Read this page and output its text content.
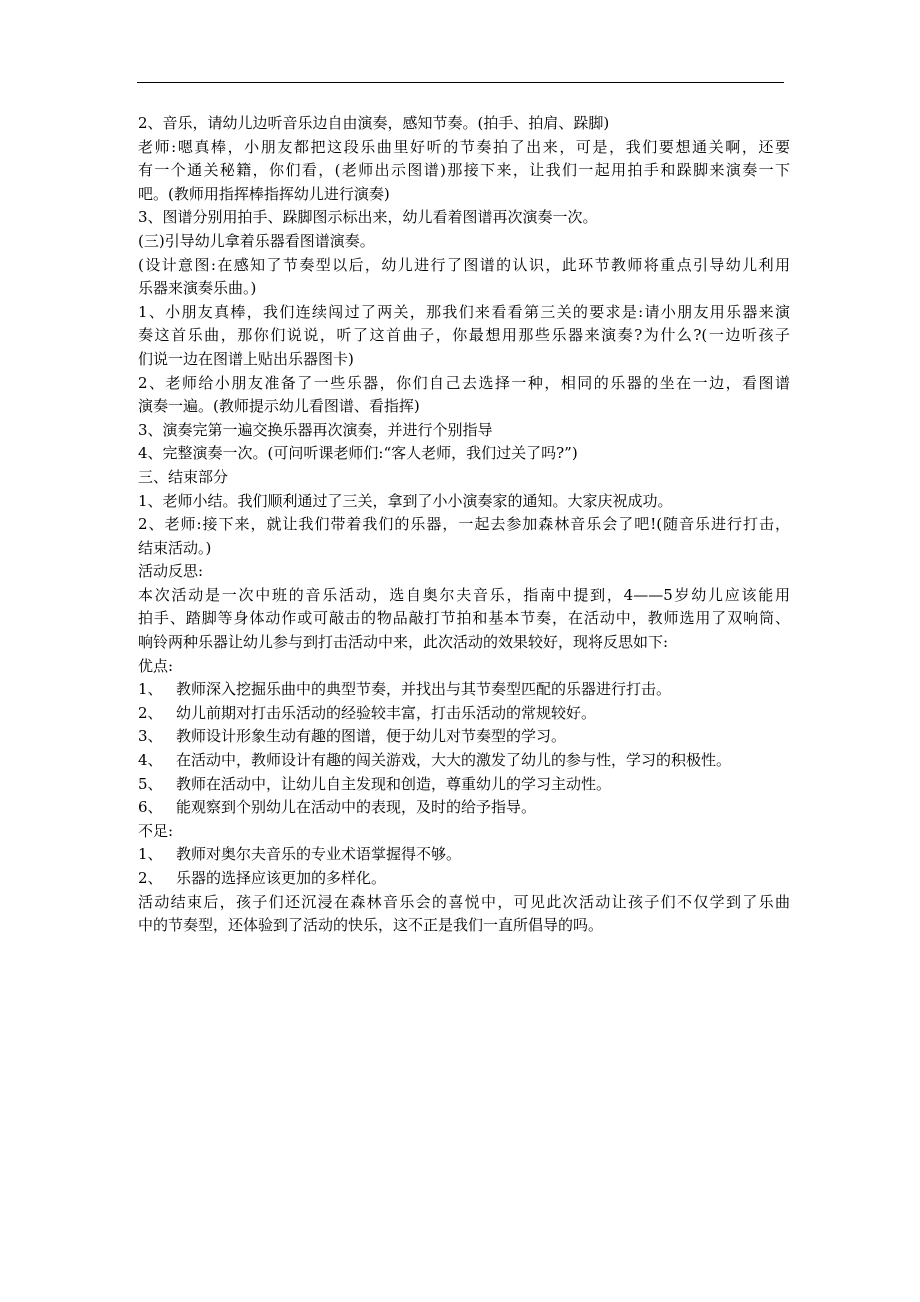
2、音乐，请幼儿边听音乐边自由演奏，感知节奏。(拍手、拍肩、跺脚)
老师:嗯真棒，小朋友都把这段乐曲里好听的节奏拍了出来，可是，我们要想通关啊，还要
有一个通关秘籍，你们看，(老师出示图谱)那接下来，让我们一起用拍手和跺脚来演奏一下
吧。(教师用指挥棒指挥幼儿进行演奏)
3、图谱分别用拍手、跺脚图示标出来，幼儿看着图谱再次演奏一次。
(三)引导幼儿拿着乐器看图谱演奏。
(设计意图:在感知了节奏型以后，幼儿进行了图谱的认识，此环节教师将重点引导幼儿利用
乐器来演奏乐曲。)
1、小朋友真棒，我们连续闯过了两关，那我们来看看第三关的要求是:请小朋友用乐器来演
奏这首乐曲，那你们说说，听了这首曲子，你最想用那些乐器来演奏?为什么?(一边听孩子
们说一边在图谱上贴出乐器图卡)
2、老师给小朋友准备了一些乐器，你们自己去选择一种，相同的乐器的坐在一边，看图谱
演奏一遍。(教师提示幼儿看图谱、看指挥)
3、演奏完第一遍交换乐器再次演奏，并进行个别指导
4、完整演奏一次。(可问听课老师们:“客人老师，我们过关了吗?”)
三、结束部分
1、老师小结。我们顺利通过了三关，拿到了小小演奏家的通知。大家庆祝成功。
2、老师:接下来，就让我们带着我们的乐器，一起去参加森林音乐会了吧!(随音乐进行打击，
结束活动。)
活动反思:
本次活动是一次中班的音乐活动，选自奥尔夫音乐，指南中提到，4——5岁幼儿应该能用
拍手、踏脚等身体动作或可敲击的物品敲打节拍和基本节奏，在活动中，教师选用了双响筒、
响铃两种乐器让幼儿参与到打击活动中来，此次活动的效果较好，现将反思如下:
优点:
1、 教师深入挖掘乐曲中的典型节奏，并找出与其节奏型匹配的乐器进行打击。
2、 幼儿前期对打击乐活动的经验较丰富，打击乐活动的常规较好。
3、 教师设计形象生动有趣的图谱，便于幼儿对节奏型的学习。
4、 在活动中，教师设计有趣的闯关游戏，大大的激发了幼儿的参与性，学习的积极性。
5、 教师在活动中，让幼儿自主发现和创造，尊重幼儿的学习主动性。
6、 能观察到个别幼儿在活动中的表现，及时的给予指导。
不足:
1、 教师对奥尔夫音乐的专业术语掌握得不够。
2、 乐器的选择应该更加的多样化。
活动结束后，孩子们还沉浸在森林音乐会的喜悦中，可见此次活动让孩子们不仅学到了乐曲
中的节奏型，还体验到了活动的快乐，这不正是我们一直所倡导的吗。
